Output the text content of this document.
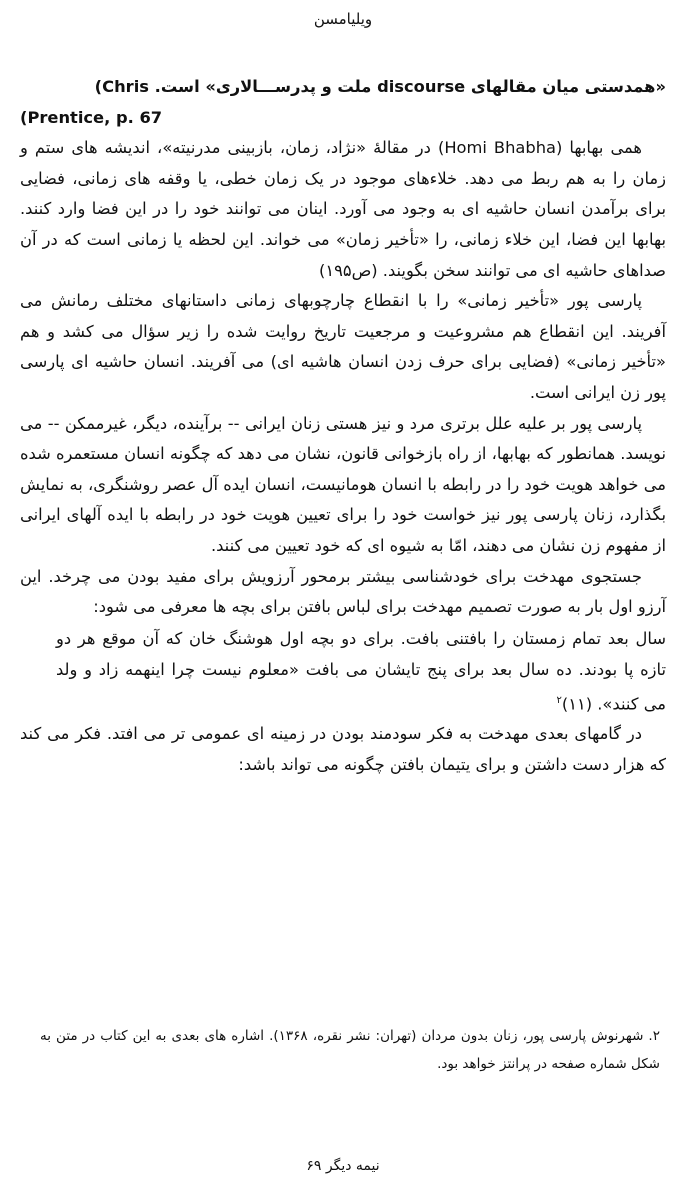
ویلیامسن

«همدستی میان مقالهای discourse ملت و پدرســـالاری» است. Chris)
(Prentice, p. 67

همی بهابها (Homi Bhabha) در مقالهٔ «نژاد، زمان، بازبینی مدرنیته»، اندیشه های ستم و زمان را به هم ربط می دهد. خلاءهای موجود در یک زمان خطی، یا وقفه های زمانی، فضایی برای برآمدن انسان حاشیه ای به وجود می آورد. اینان می توانند خود را در این فضا وارد کنند. بهابها این فضا، این خلاء زمانی، را «تأخیر زمان» می خواند. این لحظه یا زمانی است که در آن صداهای حاشیه ای می توانند سخن بگویند. (ص۱۹۵)

پارسی پور «تأخیر زمانی» را با انقطاع چارچوبهای زمانی داستانهای مختلف رمانش می آفریند. این انقطاع هم مشروعیت و مرجعیت تاریخ روایت شده را زیر سؤال می کشد و هم «تأخیر زمانی» (فضایی برای حرف زدن انسان هاشیه ای) می آفریند. انسان حاشیه ای پارسی پور زن ایرانی است.

پارسی پور بر علیه علل برتری مرد و نیز هستی زنان ایرانی -- برآینده، دیگر، غیرممکن -- می نویسد. همانطور که بهابها، از راه بازخوانی قانون، نشان می دهد که چگونه انسان مستعمره شده می خواهد هویت خود را در رابطه با انسان هومانیست، انسان ایده آل عصر روشنگری، به نمایش بگذارد، زنان پارسی پور نیز خواست خود را برای تعیین هویت خود در رابطه با ایده آلهای ایرانی از مفهوم زن نشان می دهند، امّا به شیوه ای که خود تعیین می کنند.

جستجوی مهدخت برای خودشناسی بیشتر برمحور آرزویش برای مفید بودن می چرخد. این آرزو اول بار به صورت تصمیم مهدخت برای لباس بافتن برای بچه ها معرفی می شود:

سال بعد تمام زمستان را بافتنی بافت. برای دو بچه اول هوشنگ خان که آن موقع هر دو تازه پا بودند. ده سال بعد برای پنج تایشان می بافت «معلوم نیست چرا اینهمه زاد و ولد می کنند». (۱۱)$^۲$

در گامهای بعدی مهدخت به فکر سودمند بودن در زمینه ای عمومی تر می افتد. فکر می کند که هزار دست داشتن و برای یتیمان بافتن چگونه می تواند باشد:

۲. شهرنوش پارسی پور، زنان بدون مردان (تهران: نشر نقره، ۱۳۶۸). اشاره های بعدی به این کتاب در متن به شکل شماره صفحه در پرانتز خواهد بود.
نیمه دیگر ۶۹
